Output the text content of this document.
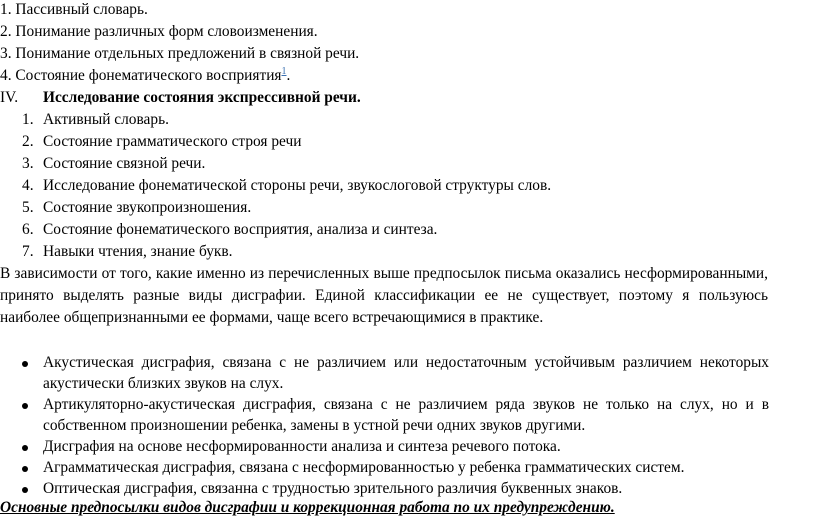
1. Пассивный словарь.
2. Понимание различных форм словоизменения.
3. Понимание отдельных предложений в связной речи.
4. Состояние фонематического восприятия$^1$.
IV. Исследование состояния экспрессивной речи.
1. Активный словарь.
2. Состояние грамматического строя речи
3. Состояние связной речи.
4. Исследование фонематической стороны речи, звукослоговой структуры слов.
5. Состояние звукопроизношения.
6. Состояние фонематического восприятия, анализа и синтеза.
7. Навыки чтения, знание букв.
В зависимости от того, какие именно из перечисленных выше предпосылок письма оказались несформированными,
принято выделять разные виды дисграфии. Единой классификации ее не существует, поэтому я пользуюсь
наиболее общепризнанными ее формами, чаще всего встречающимися в практике.
Акустическая дисграфия, связана с не различием или недостаточным устойчивым различием некоторых
акустически близких звуков на слух.
Артикуляторно-акустическая дисграфия, связана с не различием ряда звуков не только на слух, но и в
собственном произношении ребенка, замены в устной речи одних звуков другими.
Дисграфия на основе несформированности анализа и синтеза речевого потока.
Аграмматическая дисграфия, связана с несформированностью у ребенка грамматических систем.
Оптическая дисграфия, связанна с трудностью зрительного различия буквенных знаков.
Основные предпосылки видов дисграфии и коррекционная работа по их предупреждению.
